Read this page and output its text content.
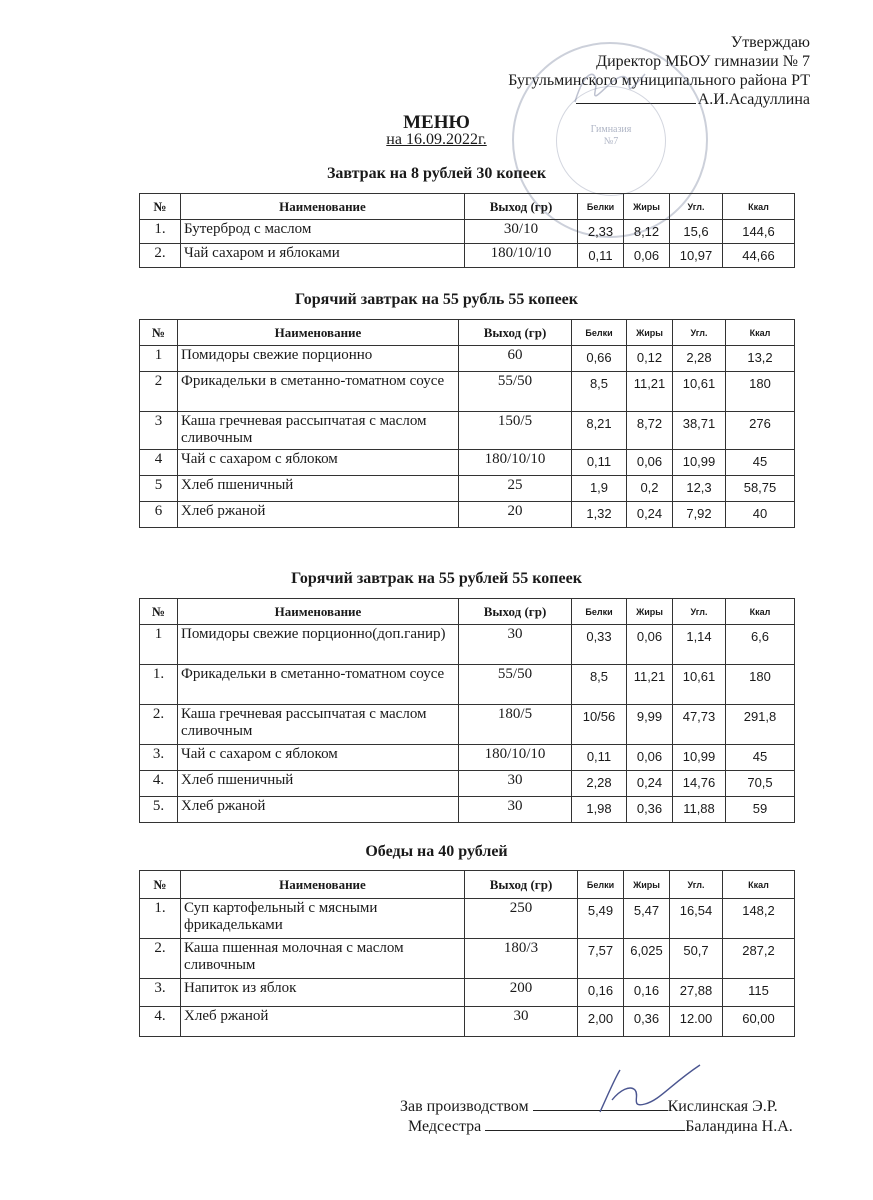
Утверждаю
Директор МБОУ гимназии № 7
Бугульминского муниципального района РТ
А.И.Асадуллина
Гимназия №7
МЕНЮ
на 16.09.2022г.
Завтрак на 8 рублей 30 копеек
№	Наименование	Выход (гр)	Белки	Жиры	Угл.	Ккал
1.	Бутерброд с маслом	30/10	2,33	8,12	15,6	144,6
2.	Чай сахаром и яблоками	180/10/10	0,11	0,06	10,97	44,66
Горячий завтрак на 55 рубль 55 копеек
№	Наименование	Выход (гр)	Белки	Жиры	Угл.	Ккал
1	Помидоры свежие порционно	60	0,66	0,12	2,28	13,2
2	Фрикадельки в сметанно-томатном соусе	55/50	8,5	11,21	10,61	180
3	Каша гречневая рассыпчатая с маслом сливочным	150/5	8,21	8,72	38,71	276
4	Чай с сахаром с яблоком	180/10/10	0,11	0,06	10,99	45
5	Хлеб пшеничный	25	1,9	0,2	12,3	58,75
6	Хлеб ржаной	20	1,32	0,24	7,92	40
Горячий завтрак на 55 рублей 55 копеек
№	Наименование	Выход (гр)	Белки	Жиры	Угл.	Ккал
1	Помидоры свежие порционно(доп.ганир)	30	0,33	0,06	1,14	6,6
1.	Фрикадельки в сметанно-томатном соусе	55/50	8,5	11,21	10,61	180
2.	Каша гречневая рассыпчатая с маслом сливочным	180/5	10/56	9,99	47,73	291,8
3.	Чай с сахаром с яблоком	180/10/10	0,11	0,06	10,99	45
4.	Хлеб пшеничный	30	2,28	0,24	14,76	70,5
5.	Хлеб ржаной	30	1,98	0,36	11,88	59
Обеды на 40 рублей
№	Наименование	Выход (гр)	Белки	Жиры	Угл.	Ккал
1.	Суп картофельный с мясными фрикадельками	250	5,49	5,47	16,54	148,2
2.	Каша пшенная молочная с маслом сливочным	180/3	7,57	6,025	50,7	287,2
3.	Напиток из яблок	200	0,16	0,16	27,88	115
4.	Хлеб ржаной	30	2,00	0,36	12.00	60,00
Зав производством	Кислинская Э.Р.
Медсестра	Баландина Н.А.
